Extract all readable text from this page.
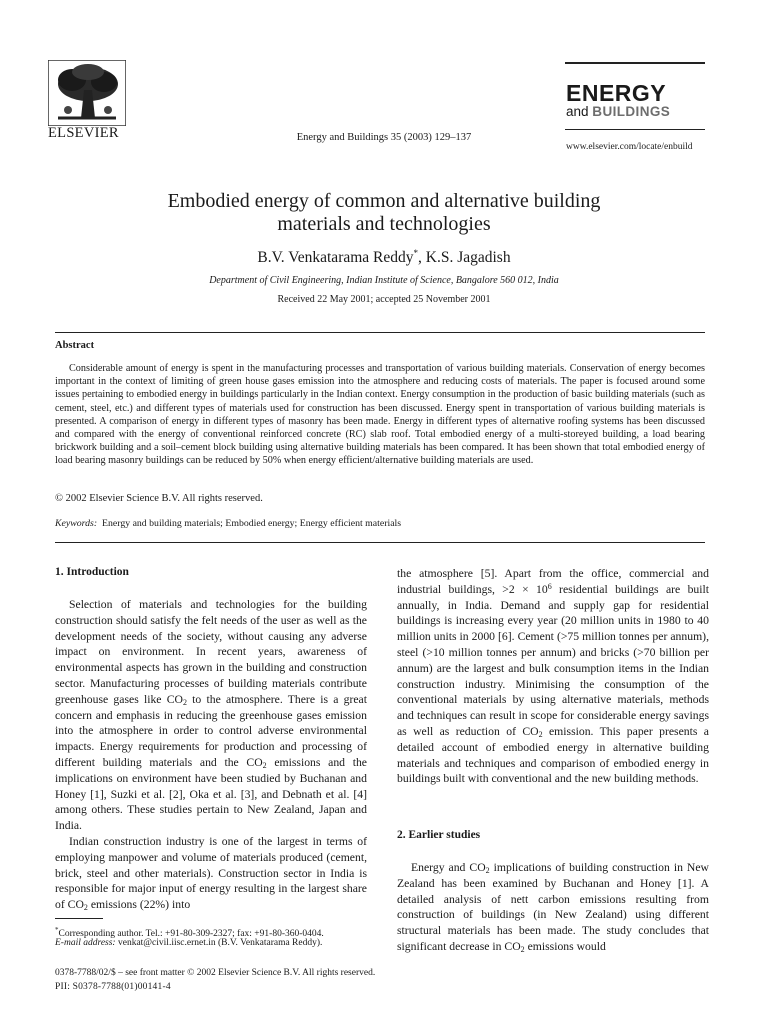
ELSEVIER	Energy and Buildings 35 (2003) 129–137
ENERGY
and BUILDINGS
www.elsevier.com/locate/enbuild
Embodied energy of common and alternative building
materials and technologies
B.V. Venkatarama Reddy*, K.S. Jagadish
Department of Civil Engineering, Indian Institute of Science, Bangalore 560 012, India
Received 22 May 2001; accepted 25 November 2001
Abstract
Considerable amount of energy is spent in the manufacturing processes and transportation of various building materials. Conservation of energy becomes important in the context of limiting of green house gases emission into the atmosphere and reducing costs of materials. The paper is focused around some issues pertaining to embodied energy in buildings particularly in the Indian context. Energy consumption in the production of basic building materials (such as cement, steel, etc.) and different types of materials used for construction has been discussed. Energy spent in transportation of various building materials is presented. A comparison of energy in different types of masonry has been made. Energy in different types of alternative roofing systems has been discussed and compared with the energy of conventional reinforced concrete (RC) slab roof. Total embodied energy of a multi-storeyed building, a load bearing brickwork building and a soil–cement block building using alternative building materials has been compared. It has been shown that total embodied energy of load bearing masonry buildings can be reduced by 50% when energy efficient/alternative building materials are used.
© 2002 Elsevier Science B.V. All rights reserved.
Keywords: Energy and building materials; Embodied energy; Energy efficient materials
1. Introduction

Selection of materials and technologies for the building construction should satisfy the felt needs of the user as well as the development needs of the society, without causing any adverse impact on environment. In recent years, awareness of environmental aspects has grown in the building and construction sector. Manufacturing processes of building materials contribute greenhouse gases like $CO_2$ to the atmosphere. There is a great concern and emphasis in reducing the greenhouse gases emission into the atmosphere in order to control adverse environmental impacts. Energy requirements for production and processing of different building materials and the $CO_2$ emissions and the implications on environment have been studied by Buchanan and Honey [1], Suzki et al. [2], Oka et al. [3], and Debnath et al. [4] among others. These studies pertain to New Zealand, Japan and India.

Indian construction industry is one of the largest in terms of employing manpower and volume of materials produced (cement, brick, steel and other materials). Construction sector in India is responsible for major input of energy resulting in the largest share of $CO_2$ emissions (22%) into

the atmosphere [5]. Apart from the office, commercial and industrial buildings, $>2 \times 10^6$ residential buildings are built annually, in India. Demand and supply gap for residential buildings is increasing every year (20 million units in 1980 to 40 million units in 2000 [6]. Cement (>75 million tonnes per annum), steel (>10 million tonnes per annum) and bricks (>70 billion per annum) are the largest and bulk consumption items in the Indian construction industry. Minimising the consumption of the conventional materials by using alternative materials, methods and techniques can result in scope for considerable energy savings as well as reduction of $CO_2$ emission. This paper presents a detailed account of embodied energy in alternative building materials and techniques and comparison of embodied energy in buildings built with conventional and the new building methods.

2. Earlier studies

Energy and $CO_2$ implications of building construction in New Zealand has been examined by Buchanan and Honey [1]. A detailed analysis of nett carbon emissions resulting from construction of buildings (in New Zealand) using different structural materials has been made. The study concludes that significant decrease in $CO_2$ emissions would

*Corresponding author. Tel.: +91-80-309-2327; fax: +91-80-360-0404.
E-mail address: venkat@civil.iisc.ernet.in (B.V. Venkatarama Reddy).
0378-7788/02/$ – see front matter © 2002 Elsevier Science B.V. All rights reserved.
PII: S0378-7788(01)00141-4
